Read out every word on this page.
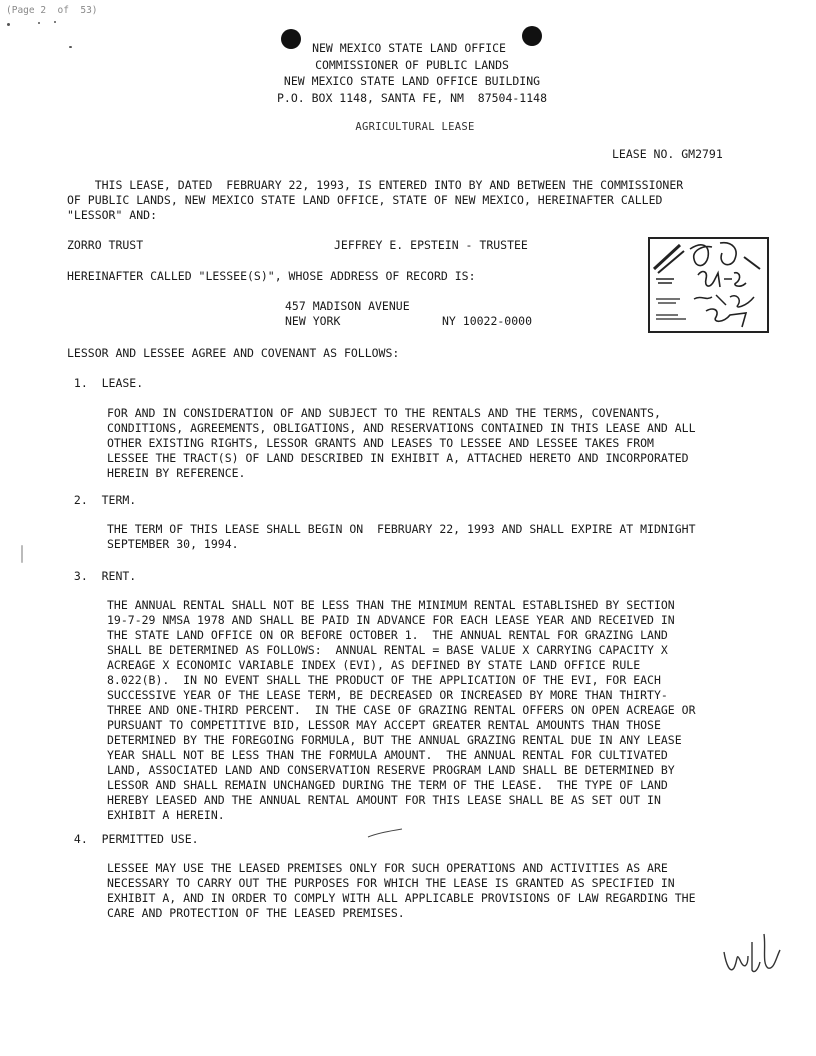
(Page 2  of  53)
NEW MEXICO STATE LAND OFFICE
COMMISSIONER OF PUBLIC LANDS
NEW MEXICO STATE LAND OFFICE BUILDING
P.O. BOX 1148, SANTA FE, NM  87504-1148
AGRICULTURAL LEASE
LEASE NO. GM2791

THIS LEASE, DATED  FEBRUARY 22, 1993, IS ENTERED INTO BY AND BETWEEN THE COMMISSIONER

OF PUBLIC LANDS, NEW MEXICO STATE LAND OFFICE, STATE OF NEW MEXICO, HEREINAFTER CALLED

"LESSOR" AND:

ZORRO TRUST	JEFFREY E. EPSTEIN - TRUSTEE
HEREINAFTER CALLED "LESSEE(S)", WHOSE ADDRESS OF RECORD IS:
457 MADISON AVENUE
NEW YORK	NY 10022-0000
LESSOR AND LESSEE AGREE AND COVENANT AS FOLLOWS:
1.  LEASE.

FOR AND IN CONSIDERATION OF AND SUBJECT TO THE RENTALS AND THE TERMS, COVENANTS,

CONDITIONS, AGREEMENTS, OBLIGATIONS, AND RESERVATIONS CONTAINED IN THIS LEASE AND ALL

OTHER EXISTING RIGHTS, LESSOR GRANTS AND LEASES TO LESSEE AND LESSEE TAKES FROM

LESSEE THE TRACT(S) OF LAND DESCRIBED IN EXHIBIT A, ATTACHED HERETO AND INCORPORATED

HEREIN BY REFERENCE.

2.  TERM.

THE TERM OF THIS LEASE SHALL BEGIN ON  FEBRUARY 22, 1993 AND SHALL EXPIRE AT MIDNIGHT

SEPTEMBER 30, 1994.

3.  RENT.

THE ANNUAL RENTAL SHALL NOT BE LESS THAN THE MINIMUM RENTAL ESTABLISHED BY SECTION

19-7-29 NMSA 1978 AND SHALL BE PAID IN ADVANCE FOR EACH LEASE YEAR AND RECEIVED IN

THE STATE LAND OFFICE ON OR BEFORE OCTOBER 1.  THE ANNUAL RENTAL FOR GRAZING LAND

SHALL BE DETERMINED AS FOLLOWS:  ANNUAL RENTAL = BASE VALUE X CARRYING CAPACITY X

ACREAGE X ECONOMIC VARIABLE INDEX (EVI), AS DEFINED BY STATE LAND OFFICE RULE

8.022(B).  IN NO EVENT SHALL THE PRODUCT OF THE APPLICATION OF THE EVI, FOR EACH

SUCCESSIVE YEAR OF THE LEASE TERM, BE DECREASED OR INCREASED BY MORE THAN THIRTY-

THREE AND ONE-THIRD PERCENT.  IN THE CASE OF GRAZING RENTAL OFFERS ON OPEN ACREAGE OR

PURSUANT TO COMPETITIVE BID, LESSOR MAY ACCEPT GREATER RENTAL AMOUNTS THAN THOSE

DETERMINED BY THE FOREGOING FORMULA, BUT THE ANNUAL GRAZING RENTAL DUE IN ANY LEASE

YEAR SHALL NOT BE LESS THAN THE FORMULA AMOUNT.  THE ANNUAL RENTAL FOR CULTIVATED

LAND, ASSOCIATED LAND AND CONSERVATION RESERVE PROGRAM LAND SHALL BE DETERMINED BY

LESSOR AND SHALL REMAIN UNCHANGED DURING THE TERM OF THE LEASE.  THE TYPE OF LAND

HEREBY LEASED AND THE ANNUAL RENTAL AMOUNT FOR THIS LEASE SHALL BE AS SET OUT IN

EXHIBIT A HEREIN.

4.  PERMITTED USE.

LESSEE MAY USE THE LEASED PREMISES ONLY FOR SUCH OPERATIONS AND ACTIVITIES AS ARE

NECESSARY TO CARRY OUT THE PURPOSES FOR WHICH THE LEASE IS GRANTED AS SPECIFIED IN

EXHIBIT A, AND IN ORDER TO COMPLY WITH ALL APPLICABLE PROVISIONS OF LAW REGARDING THE

CARE AND PROTECTION OF THE LEASED PREMISES.
